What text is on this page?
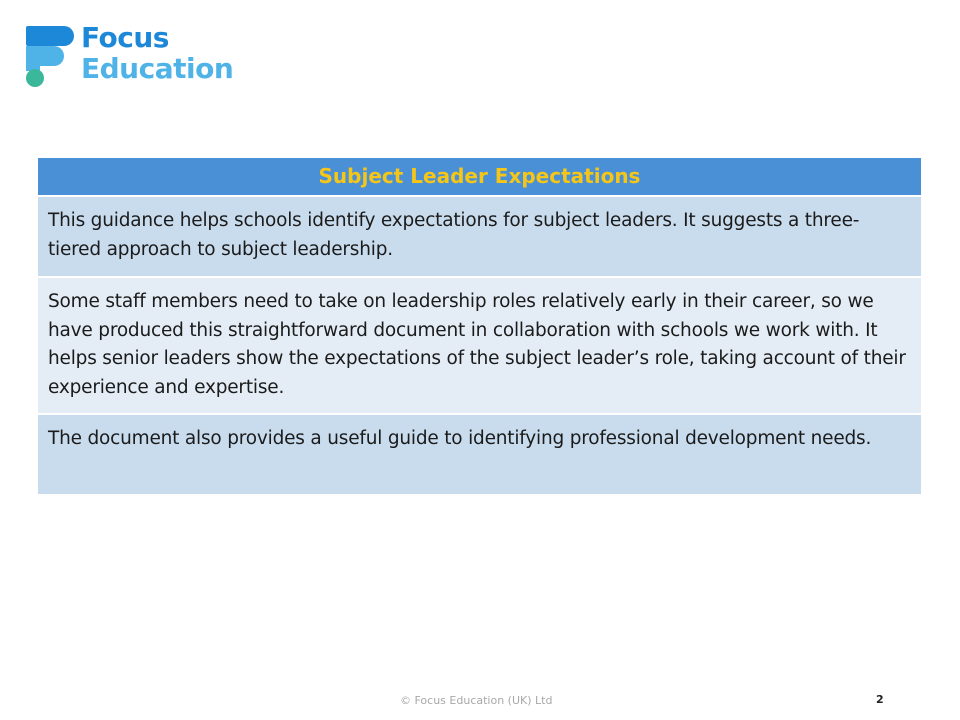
Focus
Education
Subject Leader Expectations
This guidance helps schools identify expectations for subject leaders. It suggests a three-tiered approach to subject leadership.
Some staff members need to take on leadership roles relatively early in their career, so we have produced this straightforward document in collaboration with schools we work with. It helps senior leaders show the expectations of the subject leader’s role, taking account of their experience and expertise.
The document also provides a useful guide to identifying professional development needs.
© Focus Education (UK) Ltd	2
